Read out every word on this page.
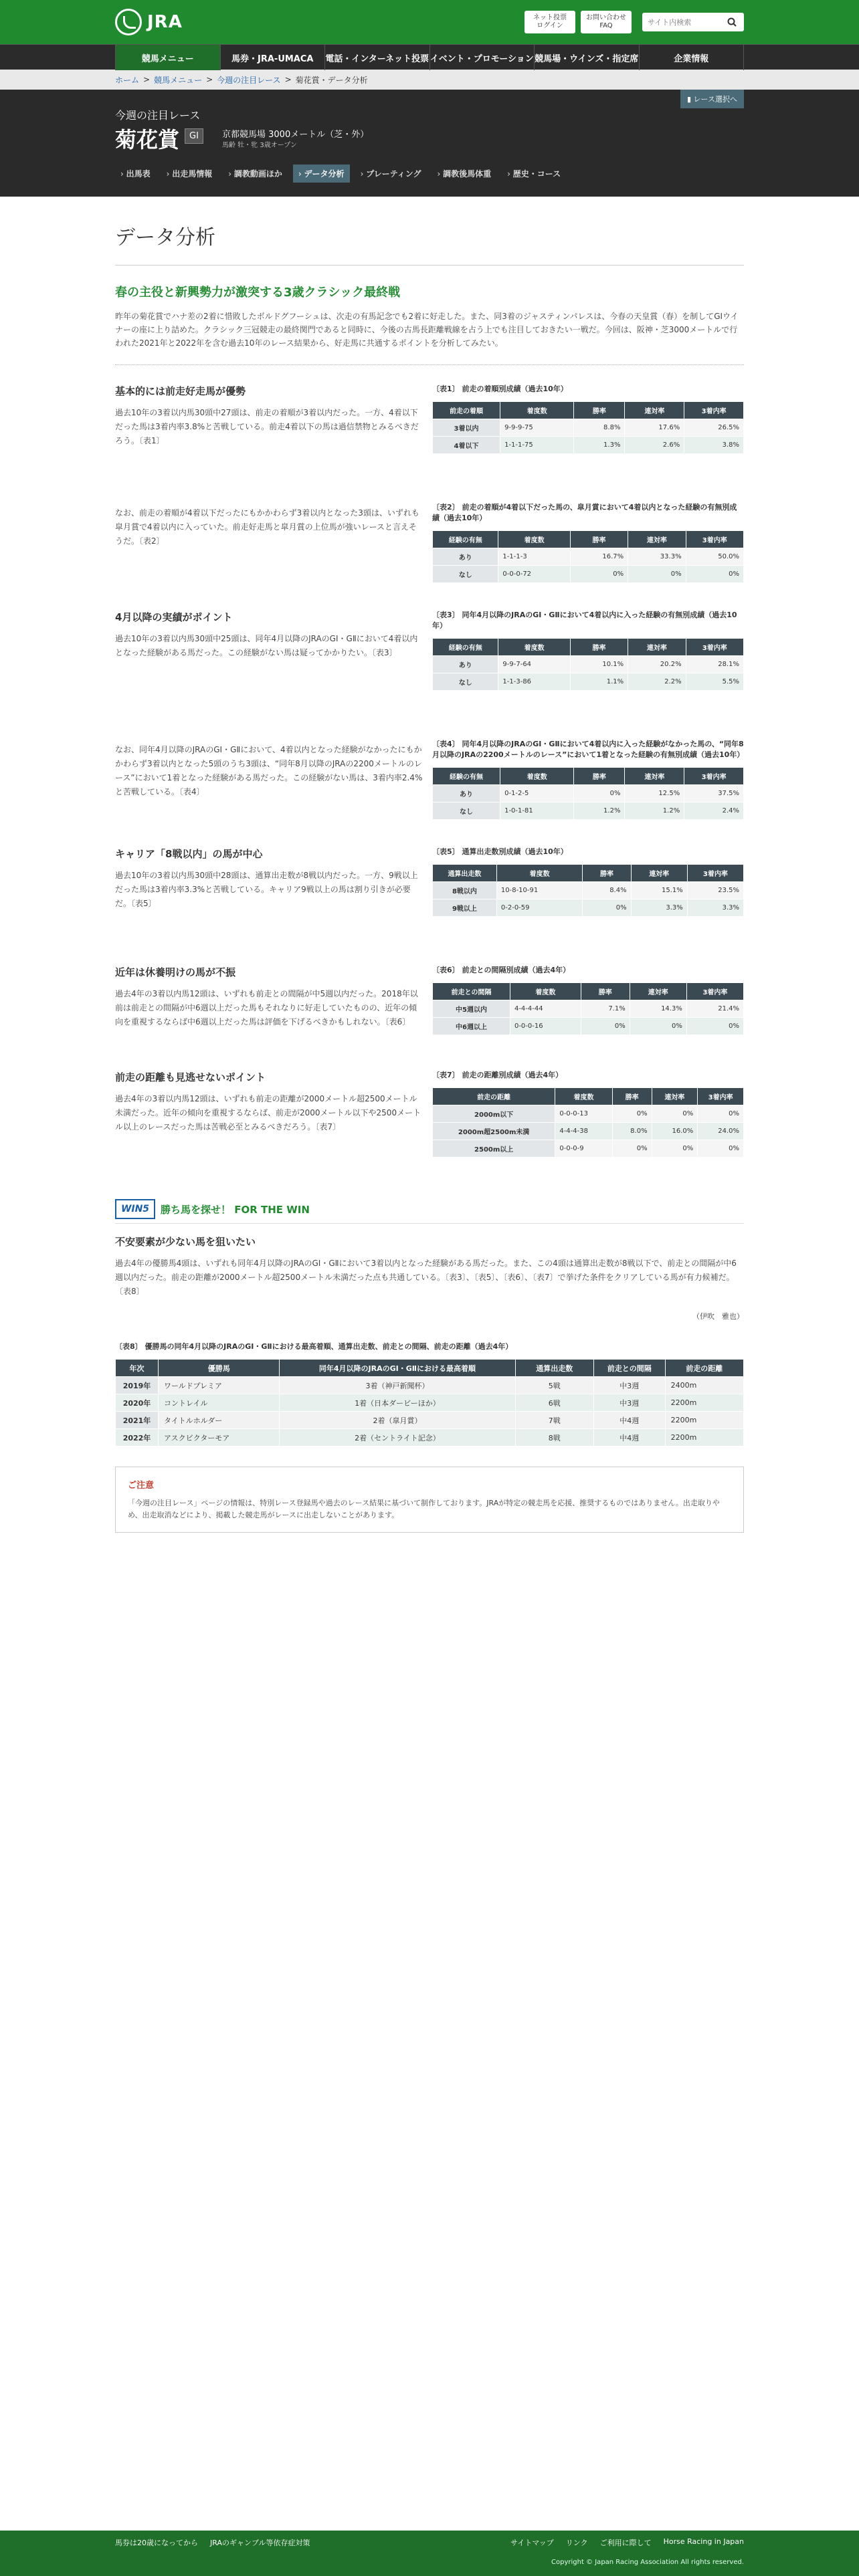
JRA	ネット投票
ログイン
お問い合わせ
FAQ
サイト内検索
競馬メニュー	馬券・JRA-UMACA	電話・インターネット投票 イベント・プロモーション 競馬場・ウインズ・指定席	企業情報
ホーム > 競馬メニュー > 今週の注目レース > 菊花賞・データ分析
▮ レース選択へ
今週の注目レース
菊花賞	GI	京都競馬場 3000メートル（芝・外）
馬齢 牡・牝 3歳オープン
› 出馬表	› 出走馬情報	› 調教動画ほか	› データ分析	› プレーティング	› 調教後馬体重	› 歴史・コース
データ分析
春の主役と新興勢力が激突する3歳クラシック最終戦

昨年の菊花賞でハナ差の2着に惜敗したボルドグフーシュは、次走の有馬記念でも2着に好走した。また、同3着のジャスティンパレスは、今春の天皇賞（春）を制してGⅠウイナーの座に上り詰めた。クラシック三冠競走の最終関門であると同時に、今後の古馬長距離戦線を占う上でも注目しておきたい一戦だ。今回は、阪神・芝3000メートルで行われた2021年と2022年を含む過去10年のレース結果から、好走馬に共通するポイントを分析してみたい。

基本的には前走好走馬が優勢

過去10年の3着以内馬30頭中27頭は、前走の着順が3着以内だった。一方、4着以下だった馬は3着内率3.8%と苦戦している。前走4着以下の馬は過信禁物とみるべきだろう。〔表1〕

〔表1〕 前走の着順別成績（過去10年）
前走の着順	着度数	勝率	連対率	3着内率
3着以内	9-9-9-75	8.8%	17.6%	26.5%
4着以下	1-1-1-75	1.3%	2.6%	3.8%

なお、前走の着順が4着以下だったにもかかわらず3着以内となった3頭は、いずれも皐月賞で4着以内に入っていた。前走好走馬と皐月賞の上位馬が強いレースと言えそうだ。〔表2〕

〔表2〕 前走の着順が4着以下だった馬の、皐月賞において4着以内となった経験の有無別成績（過去10年）
経験の有無	着度数	勝率	連対率	3着内率
あり	1-1-1-3	16.7%	33.3%	50.0%
なし	0-0-0-72	0%	0%	0%
4月以降の実績がポイント

過去10年の3着以内馬30頭中25頭は、同年4月以降のJRAのGⅠ・GⅡにおいて4着以内となった経験がある馬だった。この経験がない馬は疑ってかかりたい。〔表3〕

〔表3〕 同年4月以降のJRAのGⅠ・GⅡにおいて4着以内に入った経験の有無別成績（過去10年）
経験の有無	着度数	勝率	連対率	3着内率
あり	9-9-7-64	10.1%	20.2%	28.1%
なし	1-1-3-86	1.1%	2.2%	5.5%

なお、同年4月以降のJRAのGⅠ・GⅡにおいて、4着以内となった経験がなかったにもかかわらず3着以内となった5頭のうち3頭は、“同年8月以降のJRAの2200メートルのレース”において1着となった経験がある馬だった。この経験がない馬は、3着内率2.4%と苦戦している。〔表4〕

〔表4〕 同年4月以降のJRAのGⅠ・GⅡにおいて4着以内に入った経験がなかった馬の、“同年8月以降のJRAの2200メートルのレース”において1着となった経験の有無別成績（過去10年）
経験の有無	着度数	勝率	連対率	3着内率
あり	0-1-2-5	0%	12.5%	37.5%
なし	1-0-1-81	1.2%	1.2%	2.4%
キャリア「8戦以内」の馬が中心

過去10年の3着以内馬30頭中28頭は、通算出走数が8戦以内だった。一方、9戦以上だった馬は3着内率3.3%と苦戦している。キャリア9戦以上の馬は割り引きが必要だ。〔表5〕

〔表5〕 通算出走数別成績（過去10年）
通算出走数	着度数	勝率	連対率	3着内率
8戦以内	10-8-10-91	8.4%	15.1%	23.5%
9戦以上	0-2-0-59	0%	3.3%	3.3%
近年は休養明けの馬が不振

過去4年の3着以内馬12頭は、いずれも前走との間隔が中5週以内だった。2018年以前は前走との間隔が中6週以上だった馬もそれなりに好走していたものの、近年の傾向を重視するならば中6週以上だった馬は評価を下げるべきかもしれない。〔表6〕

〔表6〕 前走との間隔別成績（過去4年）
前走との間隔	着度数	勝率	連対率	3着内率
中5週以内	4-4-4-44	7.1%	14.3%	21.4%
中6週以上	0-0-0-16	0%	0%	0%
前走の距離も見逃せないポイント

過去4年の3着以内馬12頭は、いずれも前走の距離が2000メートル超2500メートル未満だった。近年の傾向を重視するならば、前走が2000メートル以下や2500メートル以上のレースだった馬は苦戦必至とみるべきだろう。〔表7〕

〔表7〕 前走の距離別成績（過去4年）
前走の距離	着度数	勝率	連対率	3着内率
2000m以下	0-0-0-13	0%	0%	0%
2000m超2500m未満	4-4-4-38	8.0%	16.0%	24.0%
2500m以上	0-0-0-9	0%	0%	0%
WIN5	勝ち馬を探せ！ FOR THE WIN
不安要素が少ない馬を狙いたい

過去4年の優勝馬4頭は、いずれも同年4月以降のJRAのGⅠ・GⅡにおいて3着以内となった経験がある馬だった。また、この4頭は通算出走数が8戦以下で、前走との間隔が中6週以内だった。前走の距離が2000メートル超2500メートル未満だった点も共通している。〔表3〕、〔表5〕、〔表6〕、〔表7〕で挙げた条件をクリアしている馬が有力候補だ。〔表8〕

（伊吹　雅也）
〔表8〕 優勝馬の同年4月以降のJRAのGⅠ・GⅡにおける最高着順、通算出走数、前走との間隔、前走の距離（過去4年）
年次	優勝馬	同年4月以降のJRAのGⅠ・GⅡにおける最高着順	通算出走数	前走との間隔	前走の距離
2019年	ワールドプレミア	3着（神戸新聞杯）	5戦	中3週	2400m
2020年	コントレイル	1着（日本ダービーほか）	6戦	中3週	2200m
2021年	タイトルホルダー	2着（皐月賞）	7戦	中4週	2200m
2022年	アスクビクターモア	2着（セントライト記念）	8戦	中4週	2200m
ご注意

「今週の注目レース」ページの情報は、特別レース登録馬や過去のレース結果に基づいて制作しております。JRAが特定の競走馬を応援、推奨するものではありません。出走取りやめ、出走取消などにより、掲載した競走馬がレースに出走しないことがあります。

馬券は20歳になってから JRAのギャンブル等依存症対策	サイトマップ リンク ご利用に際して Horse Racing in Japan
Copyright © Japan Racing Association All rights reserved.
